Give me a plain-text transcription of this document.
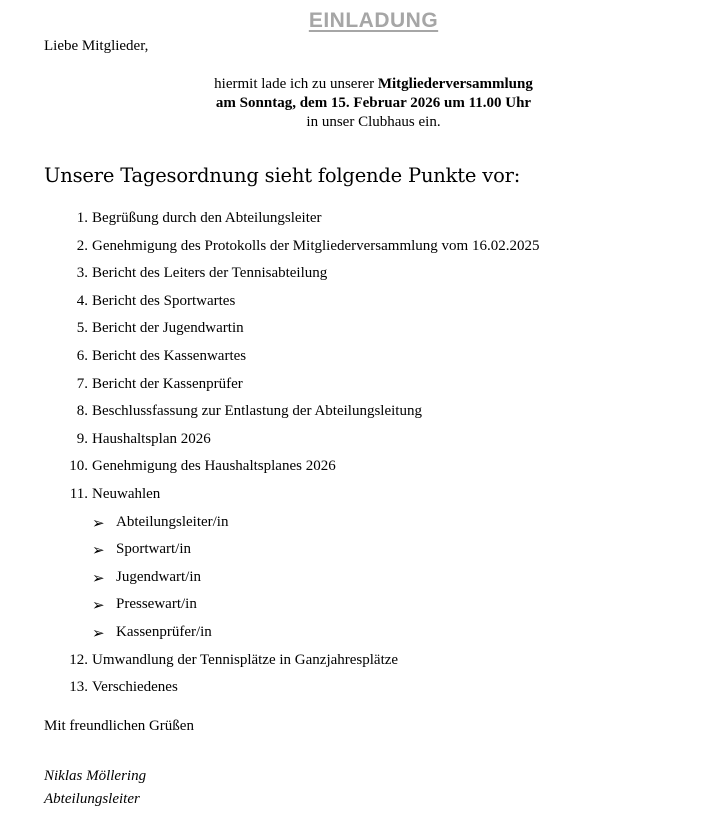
EINLADUNG
Liebe Mitglieder,
hiermit lade ich zu unserer Mitgliederversammlung
am Sonntag, dem 15. Februar 2026 um 11.00 Uhr
in unser Clubhaus ein.
Unsere Tagesordnung sieht folgende Punkte vor:
1. Begrüßung durch den Abteilungsleiter
2. Genehmigung des Protokolls der Mitgliederversammlung vom 16.02.2025
3. Bericht des Leiters der Tennisabteilung
4. Bericht des Sportwartes
5. Bericht der Jugendwartin
6. Bericht des Kassenwartes
7. Bericht der Kassenprüfer
8. Beschlussfassung zur Entlastung der Abteilungsleitung
9. Haushaltsplan 2026
10. Genehmigung des Haushaltsplanes 2026
11. Neuwahlen
➢ Abteilungsleiter/in
➢ Sportwart/in
➢ Jugendwart/in
➢ Pressewart/in
➢ Kassenprüfer/in
12. Umwandlung der Tennisplätze in Ganzjahresplätze
13. Verschiedenes
Mit freundlichen Grüßen
Niklas Möllering
Abteilungsleiter
